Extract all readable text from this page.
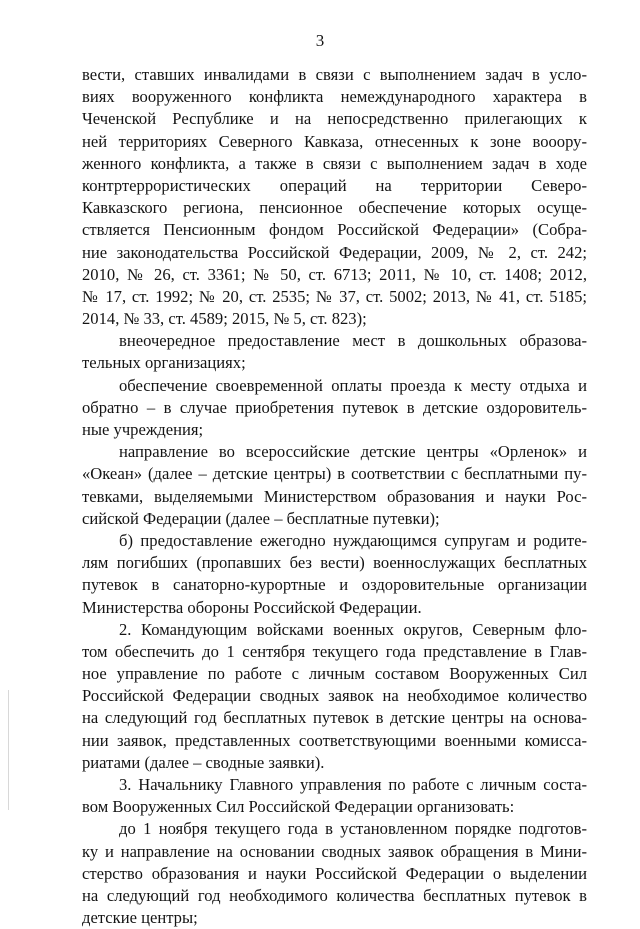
3
вести, ставших инвалидами в связи с выполнением задач в усло-
виях вооруженного конфликта немеждународного характера в
Чеченской Республике и на непосредственно прилегающих к
ней территориях Северного Кавказа, отнесенных к зоне вооору-
женного конфликта, а также в связи с выполнением задач в ходе
контртеррористических операций на территории Северо-
Кавказского региона, пенсионное обеспечение которых осуще-
ствляется Пенсионным фондом Российской Федерации» (Собра-
ние законодательства Российской Федерации, 2009, № 2, ст. 242;
2010, № 26, ст. 3361; № 50, ст. 6713; 2011, № 10, ст. 1408; 2012,
№ 17, ст. 1992; № 20, ст. 2535; № 37, ст. 5002; 2013, № 41, ст. 5185;
2014, № 33, ст. 4589; 2015, № 5, ст. 823);
внеочередное предоставление мест в дошкольных образова-
тельных организациях;
обеспечение своевременной оплаты проезда к месту отдыха и
обратно – в случае приобретения путевок в детские оздоровитель-
ные учреждения;
направление во всероссийские детские центры «Орленок» и
«Океан» (далее – детские центры) в соответствии с бесплатными пу-
тевками, выделяемыми Министерством образования и науки Рос-
сийской Федерации (далее – бесплатные путевки);
б) предоставление ежегодно нуждающимся супругам и родите-
лям погибших (пропавших без вести) военнослужащих бесплатных
путевок в санаторно-курортные и оздоровительные организации
Министерства обороны Российской Федерации.
2. Командующим войсками военных округов, Северным фло-
том обеспечить до 1 сентября текущего года представление в Глав-
ное управление по работе с личным составом Вооруженных Сил
Российской Федерации сводных заявок на необходимое количество
на следующий год бесплатных путевок в детские центры на основа-
нии заявок, представленных соответствующими военными комисса-
риатами (далее – сводные заявки).
3. Начальнику Главного управления по работе с личным соста-
вом Вооруженных Сил Российской Федерации организовать:
до 1 ноября текущего года в установленном порядке подготов-
ку и направление на основании сводных заявок обращения в Мини-
стерство образования и науки Российской Федерации о выделении
на следующий год необходимого количества бесплатных путевок в
детские центры;
